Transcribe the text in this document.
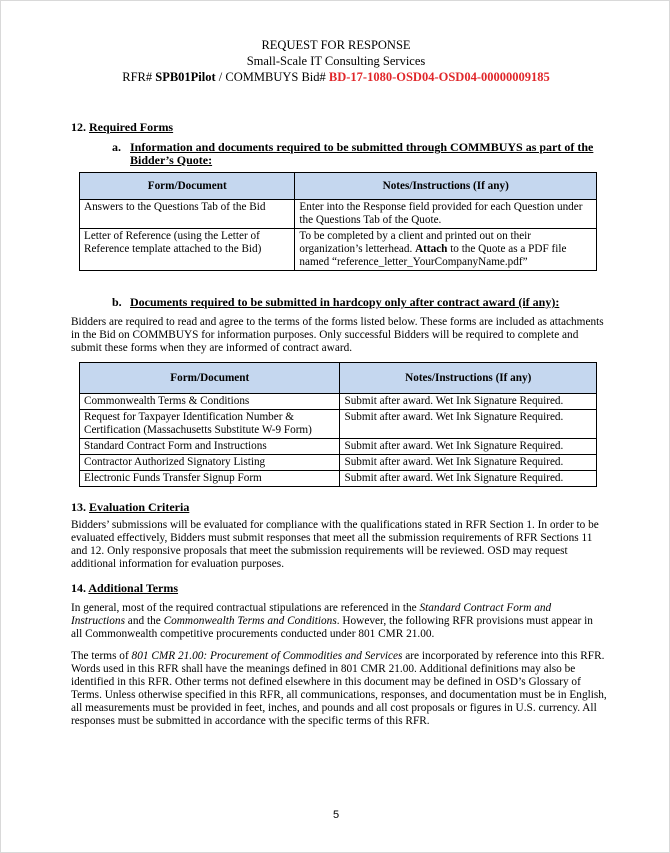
REQUEST FOR RESPONSE
Small-Scale IT Consulting Services
RFR# SPB01Pilot / COMMBUYS Bid# BD-17-1080-OSD04-OSD04-00000009185
12. Required Forms
a. Information and documents required to be submitted through COMMBUYS as part of the
Bidder’s Quote:
Form/Document	Notes/Instructions (If any)
Answers to the Questions Tab of the Bid	Enter into the Response field provided for each Question under the Questions Tab of the Quote.
Letter of Reference (using the Letter of Reference template attached to the Bid)	To be completed by a client and printed out on their organization’s letterhead. Attach to the Quote as a PDF file named “reference_letter_YourCompanyName.pdf”
b. Documents required to be submitted in hardcopy only after contract award (if any):
Bidders are required to read and agree to the terms of the forms listed below. These forms are included as attachments in the Bid on COMMBUYS for information purposes. Only successful Bidders will be required to complete and submit these forms when they are informed of contract award.
Form/Document	Notes/Instructions (If any)
Commonwealth Terms & Conditions	Submit after award. Wet Ink Signature Required.
Request for Taxpayer Identification Number & Certification (Massachusetts Substitute W-9 Form)	Submit after award. Wet Ink Signature Required.
Standard Contract Form and Instructions	Submit after award. Wet Ink Signature Required.
Contractor Authorized Signatory Listing	Submit after award. Wet Ink Signature Required.
Electronic Funds Transfer Signup Form	Submit after award. Wet Ink Signature Required.
13. Evaluation Criteria
Bidders’ submissions will be evaluated for compliance with the qualifications stated in RFR Section 1. In order to be evaluated effectively, Bidders must submit responses that meet all the submission requirements of RFR Sections 11 and 12. Only responsive proposals that meet the submission requirements will be reviewed. OSD may request additional information for evaluation purposes.
14. Additional Terms
In general, most of the required contractual stipulations are referenced in the Standard Contract Form and Instructions and the Commonwealth Terms and Conditions. However, the following RFR provisions must appear in all Commonwealth competitive procurements conducted under 801 CMR 21.00.
The terms of 801 CMR 21.00: Procurement of Commodities and Services are incorporated by reference into this RFR. Words used in this RFR shall have the meanings defined in 801 CMR 21.00. Additional definitions may also be identified in this RFR. Other terms not defined elsewhere in this document may be defined in OSD’s Glossary of Terms. Unless otherwise specified in this RFR, all communications, responses, and documentation must be in English, all measurements must be provided in feet, inches, and pounds and all cost proposals or figures in U.S. currency. All responses must be submitted in accordance with the specific terms of this RFR.
5
